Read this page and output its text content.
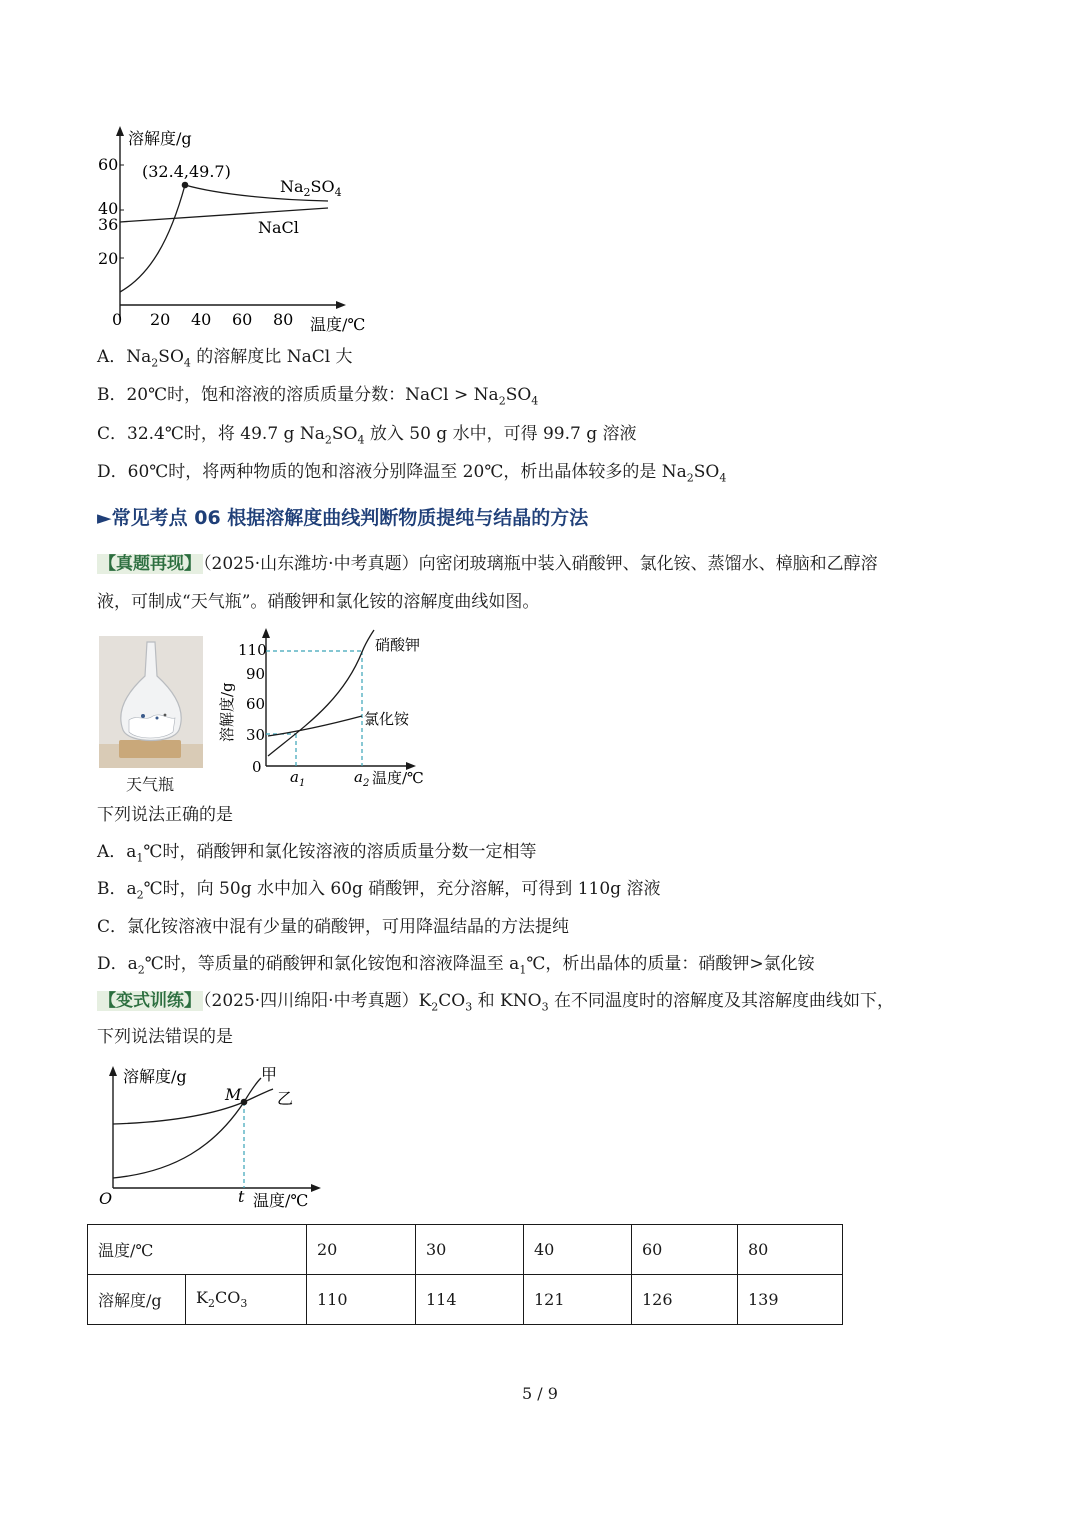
溶解度/g
温度/℃
60
40
36
20
0 20 40 60 80
(32.4,49.7)
$Na_2SO_4$
NaCl
A．$Na_2SO_4$ 的溶解度比 NaCl 大
B．20℃时，饱和溶液的溶质质量分数：NaCl > $Na_2SO_4$
C．32.4℃时，将 49.7 g $Na_2SO_4$ 放入 50 g 水中，可得 99.7 g 溶液
D．60℃时，将两种物质的饱和溶液分别降温至 20℃，析出晶体较多的是 $Na_2SO_4$
►常见考点 06 根据溶解度曲线判断物质提纯与结晶的方法
【真题再现】 （2025·山东潍坊·中考真题）向密闭玻璃瓶中装入硝酸钾、氯化铵、蒸馏水、樟脑和乙醇溶
液，可制成“天气瓶”。硝酸钾和氯化铵的溶解度曲线如图。
天气瓶
溶解度/g
110
90
60
30
0
硝酸钾
氯化铵
$a_1$	$a_2$ 温度/℃
下列说法正确的是
A．$a_1℃$时，硝酸钾和氯化铵溶液的溶质质量分数一定相等
B．$a_2℃$时，向 50g 水中加入 60g 硝酸钾，充分溶解，可得到 110g 溶液
C．氯化铵溶液中混有少量的硝酸钾，可用降温结晶的方法提纯
D．$a_2℃$时，等质量的硝酸钾和氯化铵饱和溶液降温至 $a_1℃$，析出晶体的质量：硝酸钾>氯化铵
【变式训练】 （2025·四川绵阳·中考真题）$K_2CO_3$ 和 $KNO_3$ 在不同温度时的溶解度及其溶解度曲线如下，
下列说法错误的是
溶解度/g
温度/℃
O	t
M
甲
乙
温度/℃		20	30	40	60	80
溶解度/g	$K_2CO_3$	110	114	121	126	139
5 / 9
